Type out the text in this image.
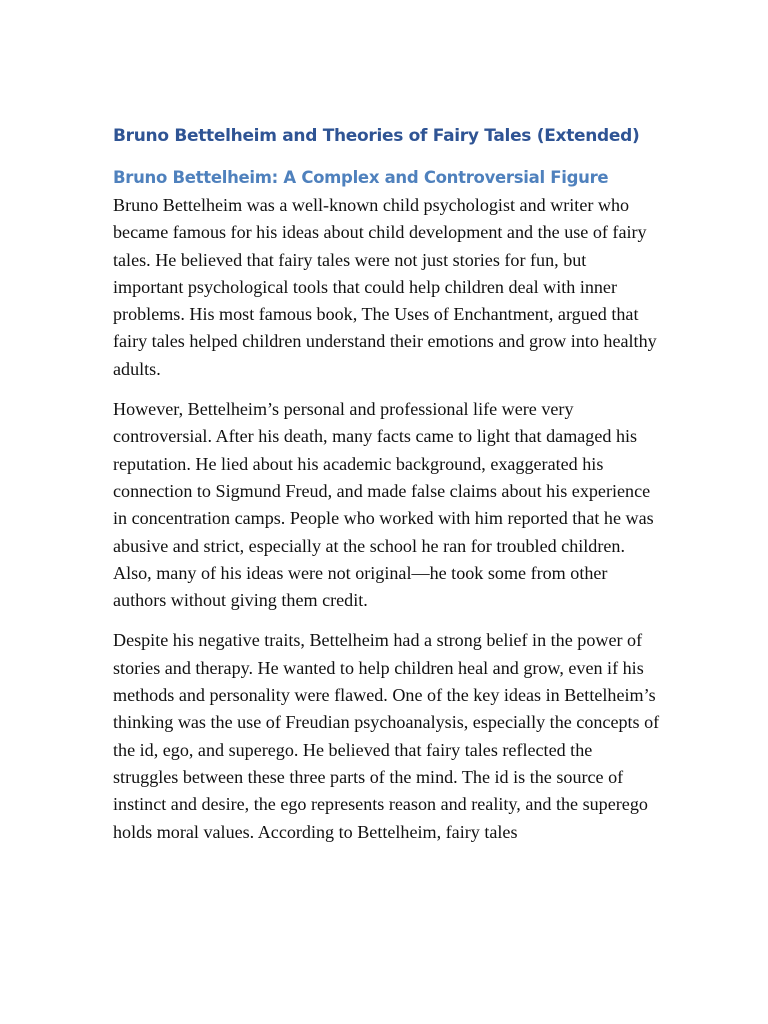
Bruno Bettelheim and Theories of Fairy Tales (Extended)
Bruno Bettelheim: A Complex and Controversial Figure

Bruno Bettelheim was a well-known child psychologist and writer who became famous for his ideas about child development and the use of fairy tales. He believed that fairy tales were not just stories for fun, but important psychological tools that could help children deal with inner problems. His most famous book, The Uses of Enchantment, argued that fairy tales helped children understand their emotions and grow into healthy adults.

However, Bettelheim’s personal and professional life were very controversial. After his death, many facts came to light that damaged his reputation. He lied about his academic background, exaggerated his connection to Sigmund Freud, and made false claims about his experience in concentration camps. People who worked with him reported that he was abusive and strict, especially at the school he ran for troubled children. Also, many of his ideas were not original—he took some from other authors without giving them credit.

Despite his negative traits, Bettelheim had a strong belief in the power of stories and therapy. He wanted to help children heal and grow, even if his methods and personality were flawed. One of the key ideas in Bettelheim’s thinking was the use of Freudian psychoanalysis, especially the concepts of the id, ego, and superego. He believed that fairy tales reflected the struggles between these three parts of the mind. The id is the source of instinct and desire, the ego represents reason and reality, and the superego holds moral values. According to Bettelheim, fairy tales
